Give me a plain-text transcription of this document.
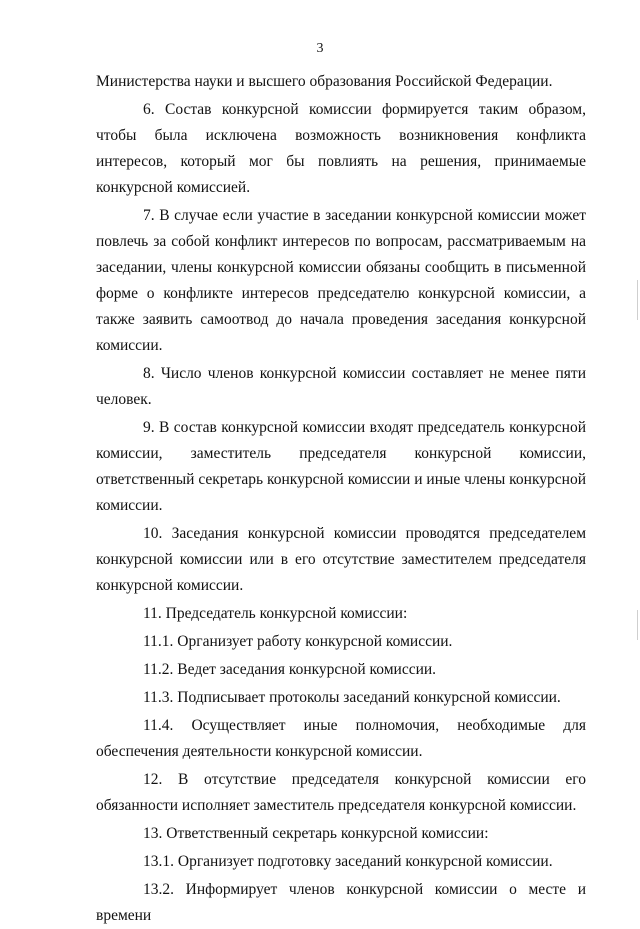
3

Министерства науки и высшего образования Российской Федерации.

6. Состав конкурсной комиссии формируется таким образом, чтобы была исключена возможность возникновения конфликта интересов, который мог бы повлиять на решения, принимаемые конкурсной комиссией.

7. В случае если участие в заседании конкурсной комиссии может повлечь за собой конфликт интересов по вопросам, рассматриваемым на заседании, члены конкурсной комиссии обязаны сообщить в письменной форме о конфликте интересов председателю конкурсной комиссии, а также заявить самоотвод до начала проведения заседания конкурсной комиссии.

8. Число членов конкурсной комиссии составляет не менее пяти человек.

9. В состав конкурсной комиссии входят председатель конкурсной комиссии, заместитель председателя конкурсной комиссии, ответственный секретарь конкурсной комиссии и иные члены конкурсной комиссии.

10. Заседания конкурсной комиссии проводятся председателем конкурсной комиссии или в его отсутствие заместителем председателя конкурсной комиссии.

11. Председатель конкурсной комиссии:

11.1. Организует работу конкурсной комиссии.

11.2. Ведет заседания конкурсной комиссии.

11.3. Подписывает протоколы заседаний конкурсной комиссии.

11.4. Осуществляет иные полномочия, необходимые для обеспечения деятельности конкурсной комиссии.

12. В отсутствие председателя конкурсной комиссии его обязанности исполняет заместитель председателя конкурсной комиссии.

13. Ответственный секретарь конкурсной комиссии:

13.1. Организует подготовку заседаний конкурсной комиссии.

13.2. Информирует членов конкурсной комиссии о месте и времени
